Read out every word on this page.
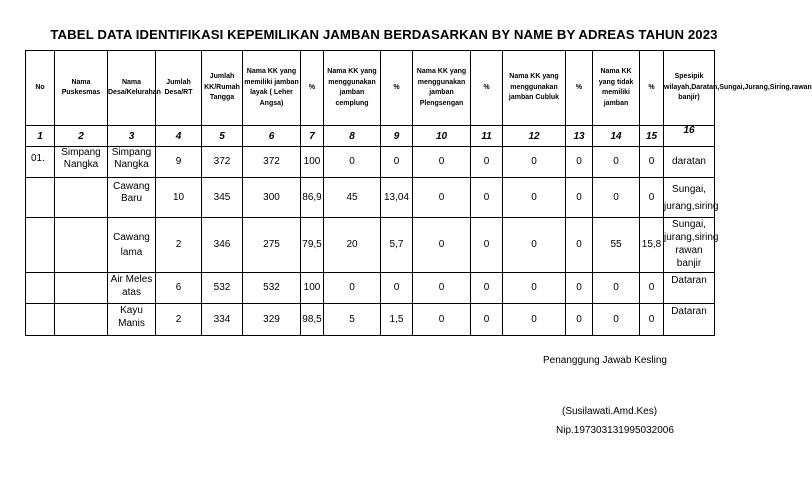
TABEL DATA IDENTIFIKASI KEPEMILIKAN JAMBAN BERDASARKAN BY NAME BY ADREAS TAHUN 2023
No	Nama Puskesmas	Nama Desa/Kelurahan	Jumlah Desa/RT	Jumlah KK/Rumah Tangga	Nama KK yang memiliki jamban layak ( Leher Angsa)	%	Nama KK yang menggunakan jamban cemplung	%	Nama KK yang menggunakan jamban Plengsengan	%	Nama KK yang menggunakan jamban Cubluk	%	Nama KK yang tidak memiliki jamban	%	Spesipik wilayah,Daratan,Sungai,Jurang,Siring,rawan banjir)
1	2	3	4	5	6	7	8	9	10	11	12	13	14	15	16
01.	Simpang Nangka	Simpang Nangka	9	372	372	100	0	0	0	0	0	0	0	0	daratan
		Cawang Baru	10	345	300	86,9	45	13,04	0	0	0	0	0	0	Sungai, jurang,siring
		Cawang lama	2	346	275	79,5	20	5,7	0	0	0	0	55	15,8	Sungai, jurang,siring rawan banjir
		Air Meles atas	6	532	532	100	0	0	0	0	0	0	0	0	Dataran
		Kayu Manis	2	334	329	98,5	5	1,5	0	0	0	0	0	0	Dataran
Penanggung Jawab Kesling
(Susilawati.Amd.Kes)
Nip.197303131995032006
